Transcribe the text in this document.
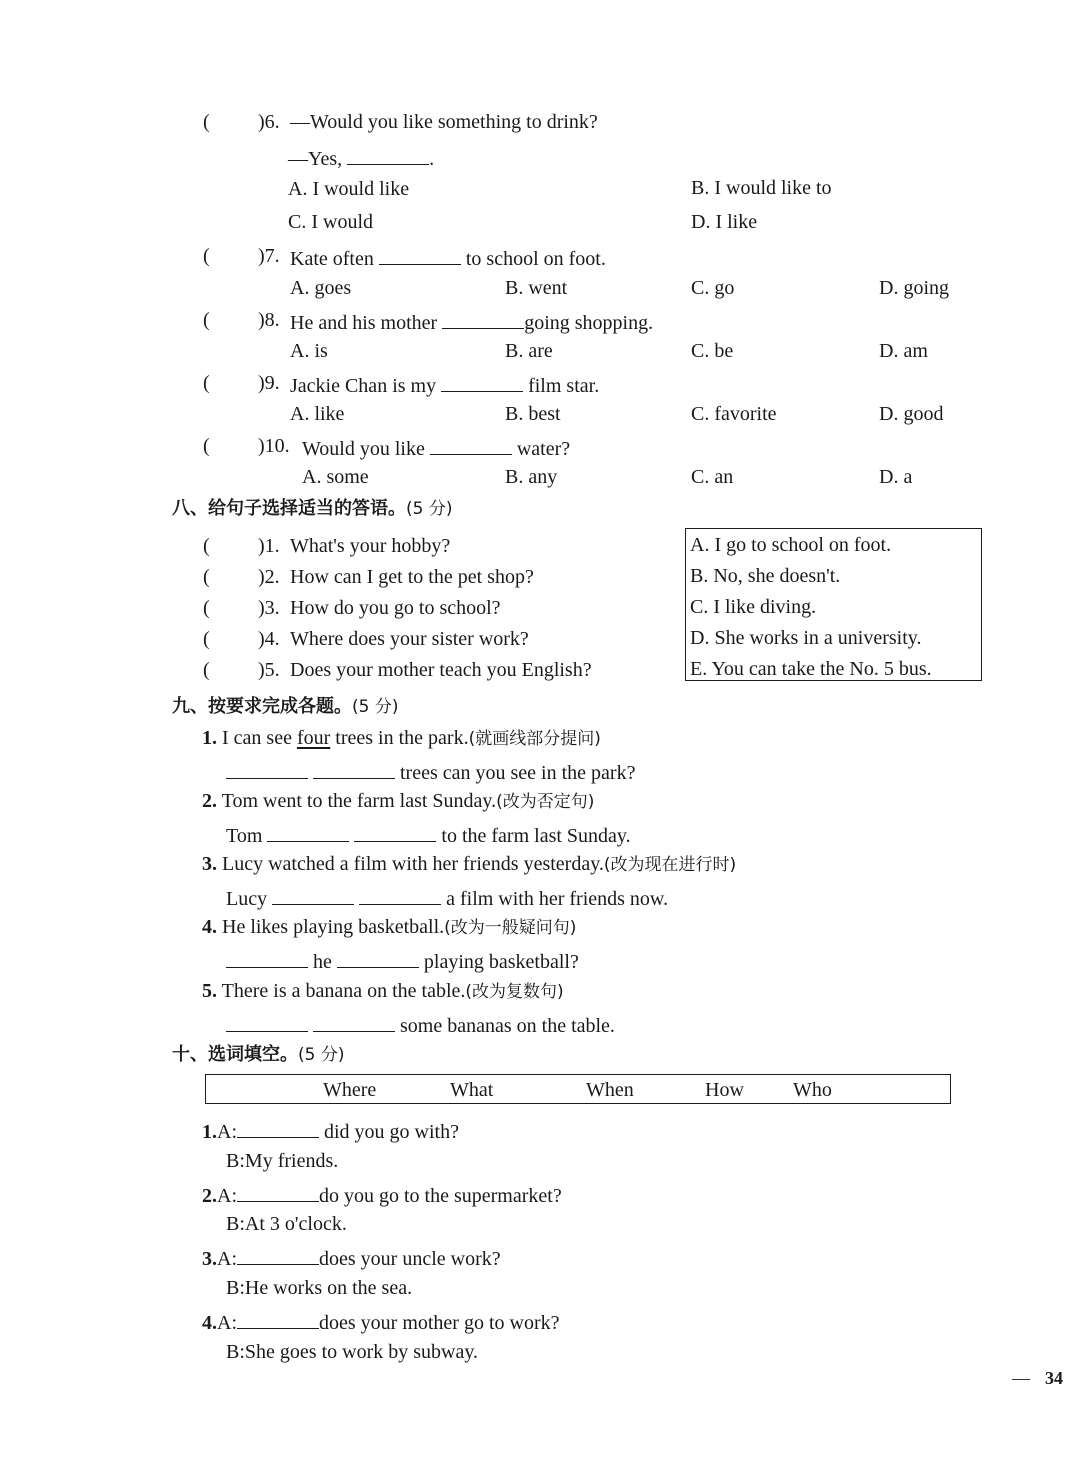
( )6. —Would you like something to drink?
—Yes,	.
A. I would like	B. I would like to
C. I would	D. I like
( )7. Kate often	to school on foot.
A. goes	B. went	C. go	D. going
( )8. He and his mother	going shopping.
A. is	B. are	C. be	D. am
( )9. Jackie Chan is my	film star.
A. like	B. best	C. favorite	D. good
( )10. Would you like	water?
A. some	B. any	C. an	D. a
八、给句子选择适当的答语。(5 分)
( )1. What's your hobby?
( )2. How can I get to the pet shop?
( )3. How do you go to school?
( )4. Where does your sister work?
( )5. Does your mother teach you English?
A. I go to school on foot.
B. No, she doesn't.
C. I like diving.
D. She works in a university.
E. You can take the No. 5 bus.
九、按要求完成各题。(5 分)
1. I can see four trees in the park.(就画线部分提问)
trees can you see in the park?
2. Tom went to the farm last Sunday.(改为否定句)
Tom	to the farm last Sunday.
3. Lucy watched a film with her friends yesterday.(改为现在进行时)
Lucy	a film with her friends now.
4. He likes playing basketball.(改为一般疑问句)
he	playing basketball?
5. There is a banana on the table.(改为复数句)
some bananas on the table.
十、选词填空。(5 分)
Where	What	When	How Who
1.A:	did you go with?
B:My friends.
2.A:	do you go to the supermarket?
B:At 3 o'clock.
3.A:	does your uncle work?
B:He works on the sea.
4.A:	does your mother go to work?
B:She goes to work by subway.
— 34
